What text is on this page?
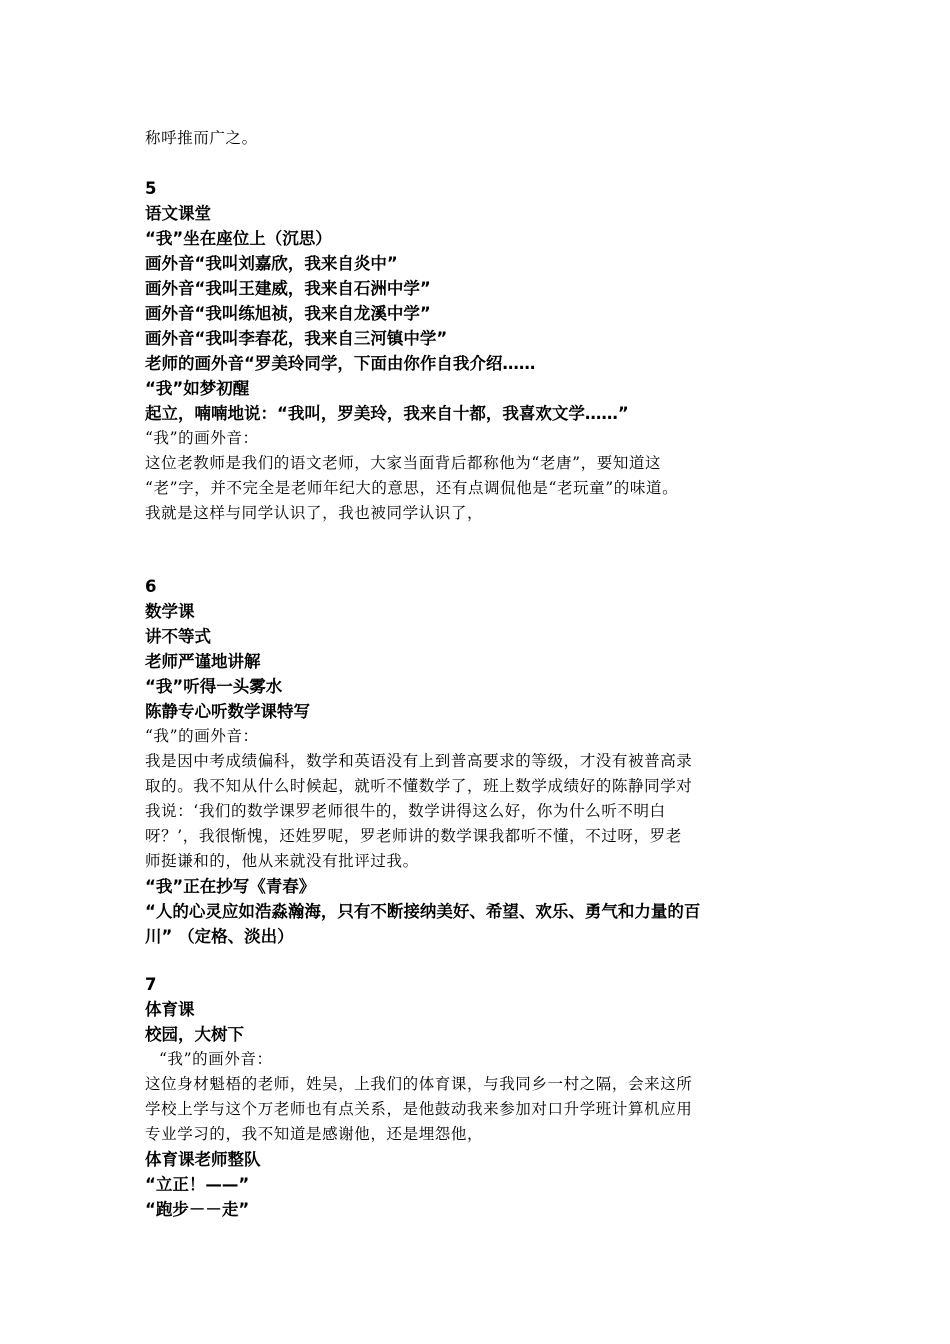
称呼推而广之。
5
语文课堂
“我”坐在座位上（沉思）
画外音“我叫刘嘉欣，我来自炎中”
画外音“我叫王建威，我来自石洲中学”
画外音“我叫练旭祯，我来自龙溪中学”
画外音“我叫李春花，我来自三河镇中学”
老师的画外音“罗美玲同学，下面由你作自我介绍……
“我”如梦初醒
起立，喃喃地说：“我叫，罗美玲，我来自十都，我喜欢文学……”
“我”的画外音：
这位老教师是我们的语文老师，大家当面背后都称他为“老唐”，要知道这
“老”字，并不完全是老师年纪大的意思，还有点调侃他是“老玩童”的味道。
我就是这样与同学认识了，我也被同学认识了，
6
数学课
讲不等式
老师严谨地讲解
“我”听得一头雾水
陈静专心听数学课特写
“我”的画外音：
我是因中考成绩偏科，数学和英语没有上到普高要求的等级，才没有被普高录
取的。我不知从什么时候起，就听不懂数学了，班上数学成绩好的陈静同学对
我说：‘我们的数学课罗老师很牛的，数学讲得这么好，你为什么听不明白
呀？’，我很惭愧，还姓罗呢，罗老师讲的数学课我都听不懂，不过呀，罗老
师挺谦和的，他从来就没有批评过我。
“我”正在抄写《青春》
“人的心灵应如浩淼瀚海，只有不断接纳美好、希望、欢乐、勇气和力量的百
川” （定格、淡出）
7
体育课
校园，大树下
“我”的画外音：
这位身材魁梧的老师，姓吴，上我们的体育课，与我同乡一村之隔，会来这所
学校上学与这个万老师也有点关系，是他鼓动我来参加对口升学班计算机应用
专业学习的，我不知道是感谢他，还是埋怨他，
体育课老师整队
“立正！——”
“跑步－－走”
